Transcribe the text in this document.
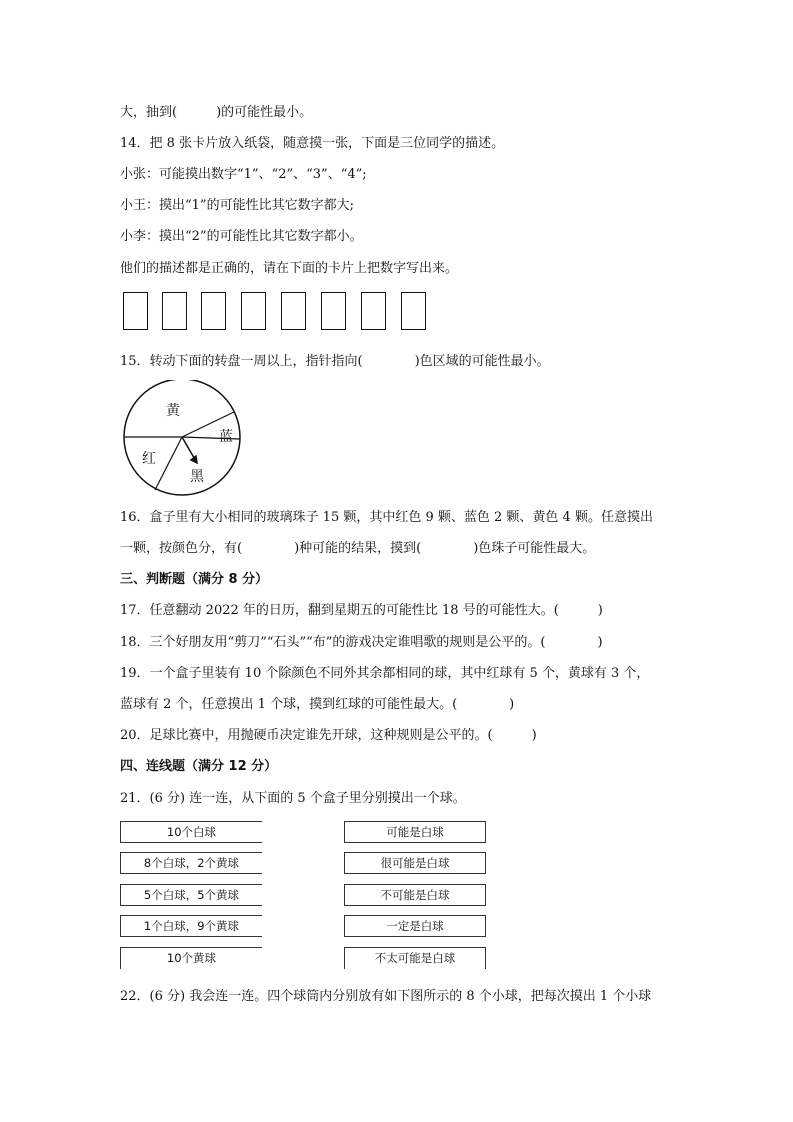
大，抽到(　　　)的可能性最小。
14．把 8 张卡片放入纸袋，随意摸一张，下面是三位同学的描述。
小张：可能摸出数字“1”、“2”、“3”、“4”;
小王：摸出“1”的可能性比其它数字都大;
小李：摸出“2”的可能性比其它数字都小。
他们的描述都是正确的，请在下面的卡片上把数字写出来。
15．转动下面的转盘一周以上，指针指向(　　　　)色区域的可能性最小。
黄
蓝
红
黑
16．盒子里有大小相同的玻璃珠子 15 颗，其中红色 9 颗、蓝色 2 颗、黄色 4 颗。任意摸出
一颗，按颜色分，有(　　　　)种可能的结果，摸到(　　　　)色珠子可能性最大。
三、判断题（满分 8 分）
17．任意翻动 2022 年的日历，翻到星期五的可能性比 18 号的可能性大。(　　　)
18．三个好朋友用“剪刀”“石头”“布”的游戏决定谁唱歌的规则是公平的。(　　　　)
19．一个盒子里装有 10 个除颜色不同外其余都相同的球，其中红球有 5 个，黄球有 3 个，
蓝球有 2 个，任意摸出 1 个球，摸到红球的可能性最大。(　　　　)
20．足球比赛中，用抛硬币决定谁先开球，这种规则是公平的。(　　　)
四、连线题（满分 12 分）
21．(6 分) 连一连，从下面的 5 个盒子里分别摸出一个球。
10个白球
8个白球，2个黄球
5个白球，5个黄球
1个白球，9个黄球
10个黄球
可能是白球
很可能是白球
不可能是白球
一定是白球
不太可能是白球
22．(6 分) 我会连一连。四个球筒内分别放有如下图所示的 8 个小球，把每次摸出 1 个小球
